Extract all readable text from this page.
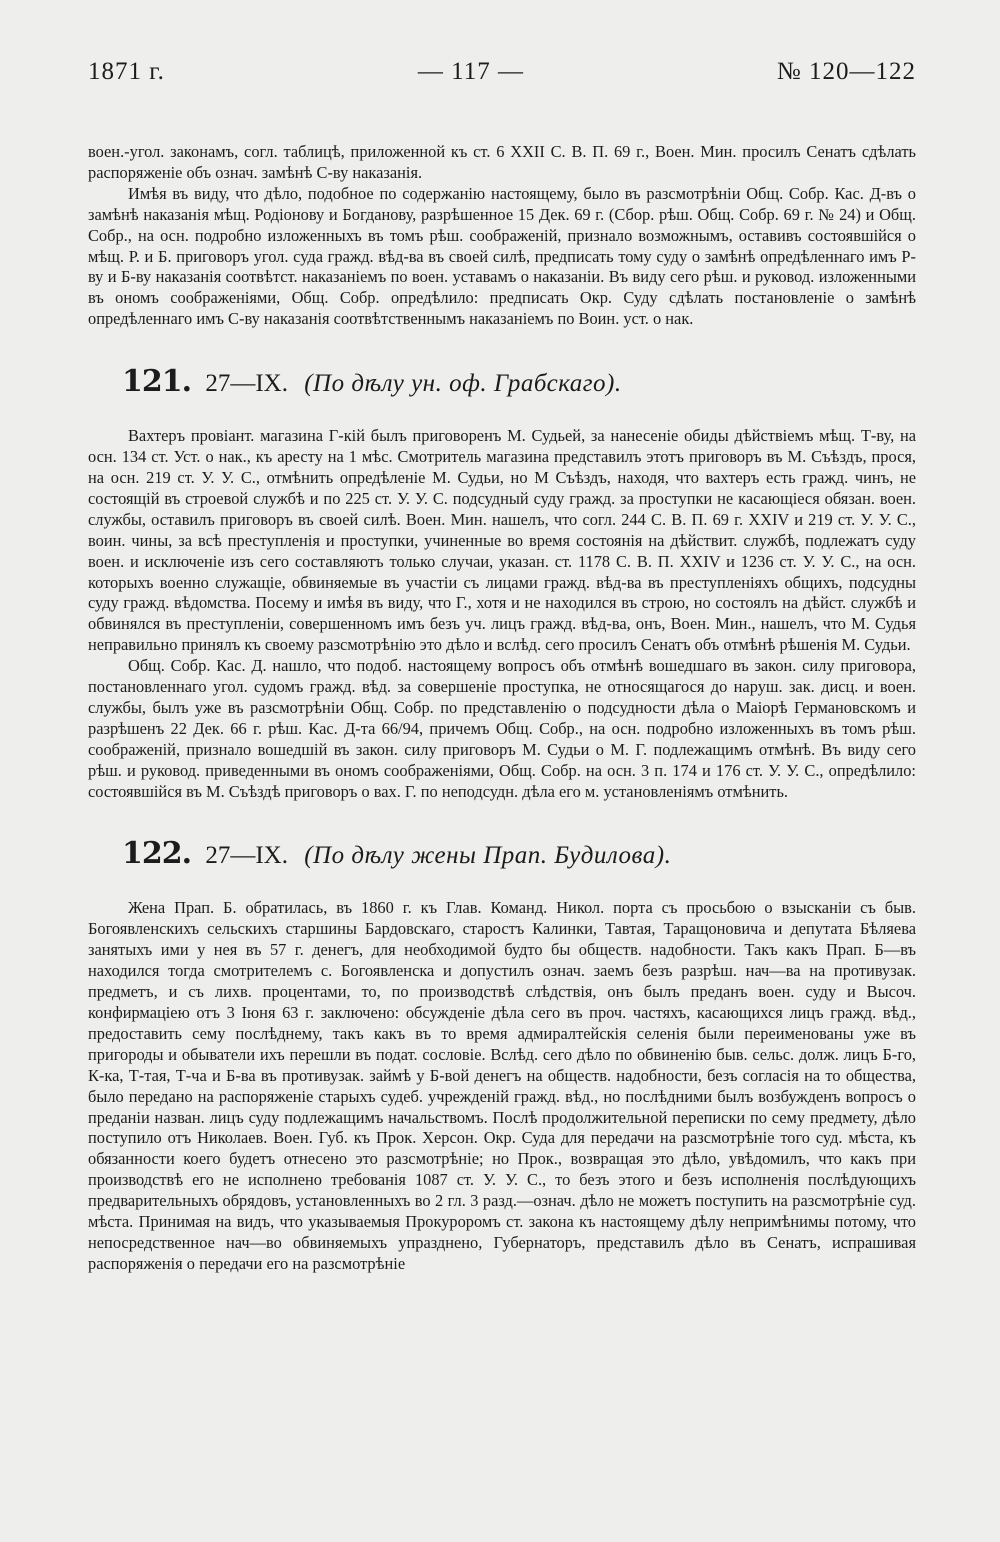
1871 г.	— 117 —	№ 120—122

воен.-угол. законамъ, согл. таблицѣ, приложенной къ ст. 6 XXII С. В. П. 69 г., Воен. Мин. просилъ Сенатъ сдѣлать распоряженіе объ означ. замѣнѣ С-ву наказанія.

Имѣя въ виду, что дѣло, подобное по содержанію настоящему, было въ разсмотрѣніи Общ. Собр. Кас. Д-въ о замѣнѣ наказанія мѣщ. Родіонову и Богданову, разрѣшенное 15 Дек. 69 г. (Сбор. рѣш. Общ. Собр. 69 г. № 24) и Общ. Собр., на осн. подробно изложенныхъ въ томъ рѣш. соображеній, признало возможнымъ, оставивъ состоявшійся о мѣщ. Р. и Б. приговоръ угол. суда гражд. вѣд-ва въ своей силѣ, предписать тому суду о замѣнѣ опредѣленнаго имъ Р-ву и Б-ву наказанія соотвѣтст. наказаніемъ по воен. уставамъ о наказаніи. Въ виду сего рѣш. и руковод. изложенными въ ономъ соображеніями, Общ. Собр. опредѣлило: предписать Окр. Суду сдѣлать постановленіе о замѣнѣ опредѣленнаго имъ С-ву наказанія соотвѣтственнымъ наказаніемъ по Воин. уст. о нак.

121. 27—IX. (По дѣлу ун. оф. Грабскаго).

Вахтеръ провіант. магазина Г-кій былъ приговоренъ М. Судьей, за нанесеніе обиды дѣйствіемъ мѣщ. Т-ву, на осн. 134 ст. Уст. о нак., къ аресту на 1 мѣс. Смотритель магазина представилъ этотъ приговоръ въ М. Съѣздъ, прося, на осн. 219 ст. У. У. С., отмѣнить опредѣленіе М. Судьи, но М Съѣздъ, находя, что вахтеръ есть гражд. чинъ, не состоящій въ строевой службѣ и по 225 ст. У. У. С. подсудный суду гражд. за проступки не касающіеся обязан. воен. службы, оставилъ приговоръ въ своей силѣ. Воен. Мин. нашелъ, что согл. 244 С. В. П. 69 г. XXIV и 219 ст. У. У. С., воин. чины, за всѣ преступленія и проступки, учиненные во время состоянія на дѣйствит. службѣ, подлежатъ суду воен. и исключеніе изъ сего составляютъ только случаи, указан. ст. 1178 С. В. П. XXIV и 1236 ст. У. У. С., на осн. которыхъ военно служащіе, обвиняемые въ участіи съ лицами гражд. вѣд-ва въ преступленіяхъ общихъ, подсудны суду гражд. вѣдомства. Посему и имѣя въ виду, что Г., хотя и не находился въ строю, но состоялъ на дѣйст. службѣ и обвинялся въ преступленіи, совершенномъ имъ безъ уч. лицъ гражд. вѣд-ва, онъ, Воен. Мин., нашелъ, что М. Судья неправильно принялъ къ своему разсмотрѣнію это дѣло и вслѣд. сего просилъ Сенатъ объ отмѣнѣ рѣшенія М. Судьи.

Общ. Собр. Кас. Д. нашло, что подоб. настоящему вопросъ объ отмѣнѣ вошедшаго въ закон. силу приговора, постановленнаго угол. судомъ гражд. вѣд. за совершеніе проступка, не относящагося до наруш. зак. дисц. и воен. службы, былъ уже въ разсмотрѣніи Общ. Собр. по представленію о подсудности дѣла о Маіорѣ Германовскомъ и разрѣшенъ 22 Дек. 66 г. рѣш. Кас. Д-та 66/94, причемъ Общ. Собр., на осн. подробно изложенныхъ въ томъ рѣш. соображеній, признало вошедшій въ закон. силу приговоръ М. Судьи о М. Г. подлежащимъ отмѣнѣ. Въ виду сего рѣш. и руковод. приведенными въ ономъ соображеніями, Общ. Собр. на осн. 3 п. 174 и 176 ст. У. У. С., опредѣлило: состоявшійся въ М. Съѣздѣ приговоръ о вах. Г. по неподсудн. дѣла его м. установленіямъ отмѣнить.

122. 27—IX. (По дѣлу жены Прап. Будилова).

Жена Прап. Б. обратилась, въ 1860 г. къ Глав. Команд. Никол. порта съ просьбою о взысканіи съ быв. Богоявленскихъ сельскихъ старшины Бардовскаго, старостъ Калинки, Тавтая, Таращоновича и депутата Бѣляева занятыхъ ими у нея въ 57 г. денегъ, для необходимой будто бы обществ. надобности. Такъ какъ Прап. Б—въ находился тогда смотрителемъ с. Богоявленска и допустилъ означ. заемъ безъ разрѣш. нач—ва на противузак. предметъ, и съ лихв. процентами, то, по производствѣ слѣдствія, онъ былъ преданъ воен. суду и Высоч. конфирмаціею отъ 3 Іюня 63 г. заключено: обсужденіе дѣла сего въ проч. частяхъ, касающихся лицъ гражд. вѣд., предоставить сему послѣднему, такъ какъ въ то время адмиралтейскія селенія были переименованы уже въ пригороды и обыватели ихъ перешли въ подат. сословіе. Вслѣд. сего дѣло по обвиненію быв. сельс. долж. лицъ Б-го, К-ка, Т-тая, Т-ча и Б-ва въ противузак. займѣ у Б-вой денегъ на обществ. надобности, безъ согласія на то общества, было передано на распоряженіе старыхъ судеб. учрежденій гражд. вѣд., но послѣдними былъ возбужденъ вопросъ о преданіи назван. лицъ суду подлежащимъ начальствомъ. Послѣ продолжительной переписки по сему предмету, дѣло поступило отъ Николаев. Воен. Губ. къ Прок. Херсон. Окр. Суда для передачи на разсмотрѣніе того суд. мѣста, къ обязанности коего будетъ отнесено это разсмотрѣніе; но Прок., возвращая это дѣло, увѣдомилъ, что какъ при производствѣ его не исполнено требованія 1087 ст. У. У. С., то безъ этого и безъ исполненія послѣдующихъ предварительныхъ обрядовъ, установленныхъ во 2 гл. 3 разд.—означ. дѣло не можетъ поступить на разсмотрѣніе суд. мѣста. Принимая на видъ, что указываемыя Прокуроромъ ст. закона къ настоящему дѣлу непримѣнимы потому, что непосредственное нач—во обвиняемыхъ упразднено, Губернаторъ, представилъ дѣло въ Сенатъ, испрашивая распоряженія о передачи его на разсмотрѣніе
